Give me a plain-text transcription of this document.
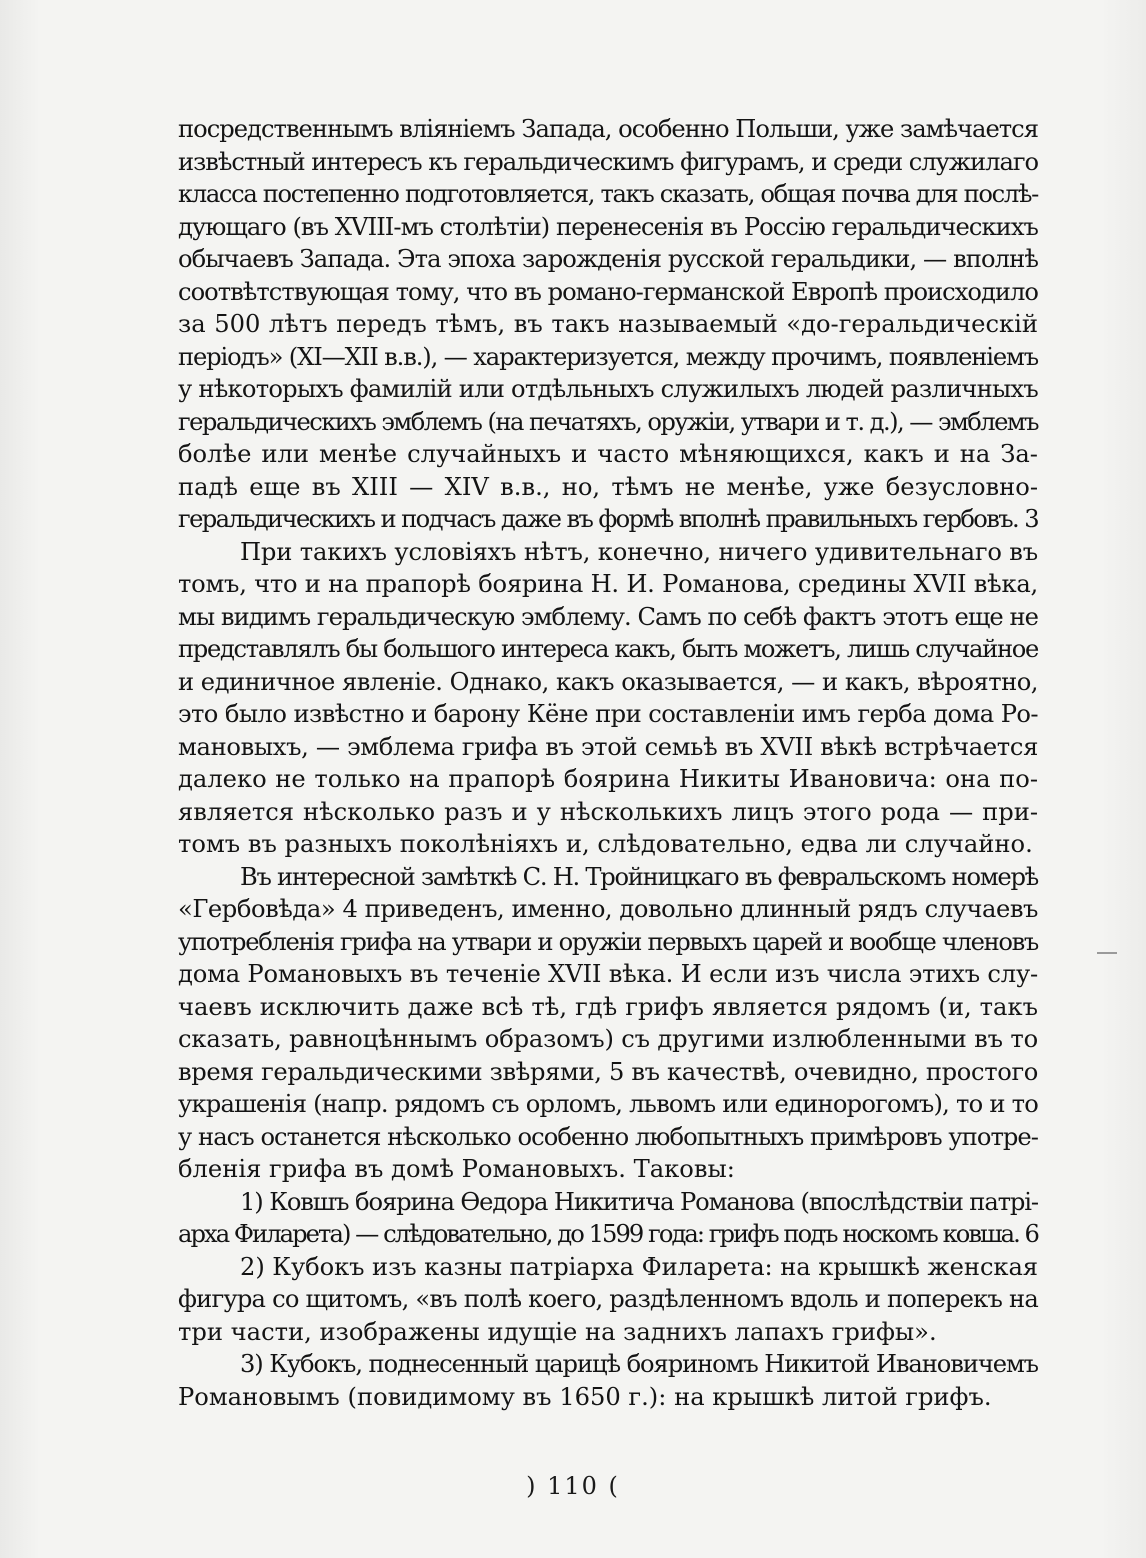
посредственнымъ вліяніемъ Запада, особенно Польши, уже замѣчается
извѣстный интересъ къ геральдическимъ фигурамъ, и среди служилаго
класса постепенно подготовляется, такъ сказать, общая почва для послѣ-
дующаго (въ XVIII-мъ столѣтіи) перенесенія въ Россію геральдическихъ
обычаевъ Запада. Эта эпоха зарожденія русской геральдики, — вполнѣ
соотвѣтствующая тому, что въ романо-германской Европѣ происходило
за 500 лѣтъ передъ тѣмъ, въ такъ называемый «до-геральдическій
періодъ» (XI—XII в.в.), — характеризуется, между прочимъ, появленіемъ
у нѣкоторыхъ фамилій или отдѣльныхъ служилыхъ людей различныхъ
геральдическихъ эмблемъ (на печатяхъ, оружіи, утвари и т. д.), — эмблемъ
болѣе или менѣе случайныхъ и часто мѣняющихся, какъ и на За-
падѣ еще въ XIII — XIV в.в., но, тѣмъ не менѣе, уже безусловно-
геральдическихъ и подчасъ даже въ формѣ вполнѣ правильныхъ гербовъ. 3
При такихъ условіяхъ нѣтъ, конечно, ничего удивительнаго въ
томъ, что и на прапорѣ боярина Н. И. Романова, средины XVII вѣка,
мы видимъ геральдическую эмблему. Самъ по себѣ фактъ этотъ еще не
представлялъ бы большого интереса какъ, быть можетъ, лишь случайное
и единичное явленіе. Однако, какъ оказывается, — и какъ, вѣроятно,
это было извѣстно и барону Кёне при составленіи имъ герба дома Ро-
мановыхъ, — эмблема грифа въ этой семьѣ въ XVII вѣкѣ встрѣчается
далеко не только на прапорѣ боярина Никиты Ивановича: она по-
является нѣсколько разъ и у нѣсколькихъ лицъ этого рода — при-
томъ въ разныхъ поколѣніяхъ и, слѣдовательно, едва ли случайно.
Въ интересной замѣткѣ С. Н. Тройницкаго въ февральскомъ номерѣ
«Гербовѣда» 4 приведенъ, именно, довольно длинный рядъ случаевъ
употребленія грифа на утвари и оружіи первыхъ царей и вообще членовъ
дома Романовыхъ въ теченіе XVII вѣка. И если изъ числа этихъ слу-
чаевъ исключить даже всѣ тѣ, гдѣ грифъ является рядомъ (и, такъ
сказать, равноцѣннымъ образомъ) съ другими излюбленными въ то
время геральдическими звѣрями, 5 въ качествѣ, очевидно, простого
украшенія (напр. рядомъ съ орломъ, львомъ или единорогомъ), то и то
у насъ останется нѣсколько особенно любопытныхъ примѣровъ употре-
бленія грифа въ домѣ Романовыхъ. Таковы:
1) Ковшъ боярина Өедора Никитича Романова (впослѣдствіи патрі-
арха Филарета) — слѣдовательно, до 1599 года: грифъ подъ носкомъ ковша. 6
2) Кубокъ изъ казны патріарха Филарета: на крышкѣ женская
фигура со щитомъ, «въ полѣ коего, раздѣленномъ вдоль и поперекъ на
три части, изображены идущіе на заднихъ лапахъ грифы».
3) Кубокъ, поднесенный царицѣ бояриномъ Никитой Ивановичемъ
Романовымъ (повидимому въ 1650 г.): на крышкѣ литой грифъ.
) 110 (
